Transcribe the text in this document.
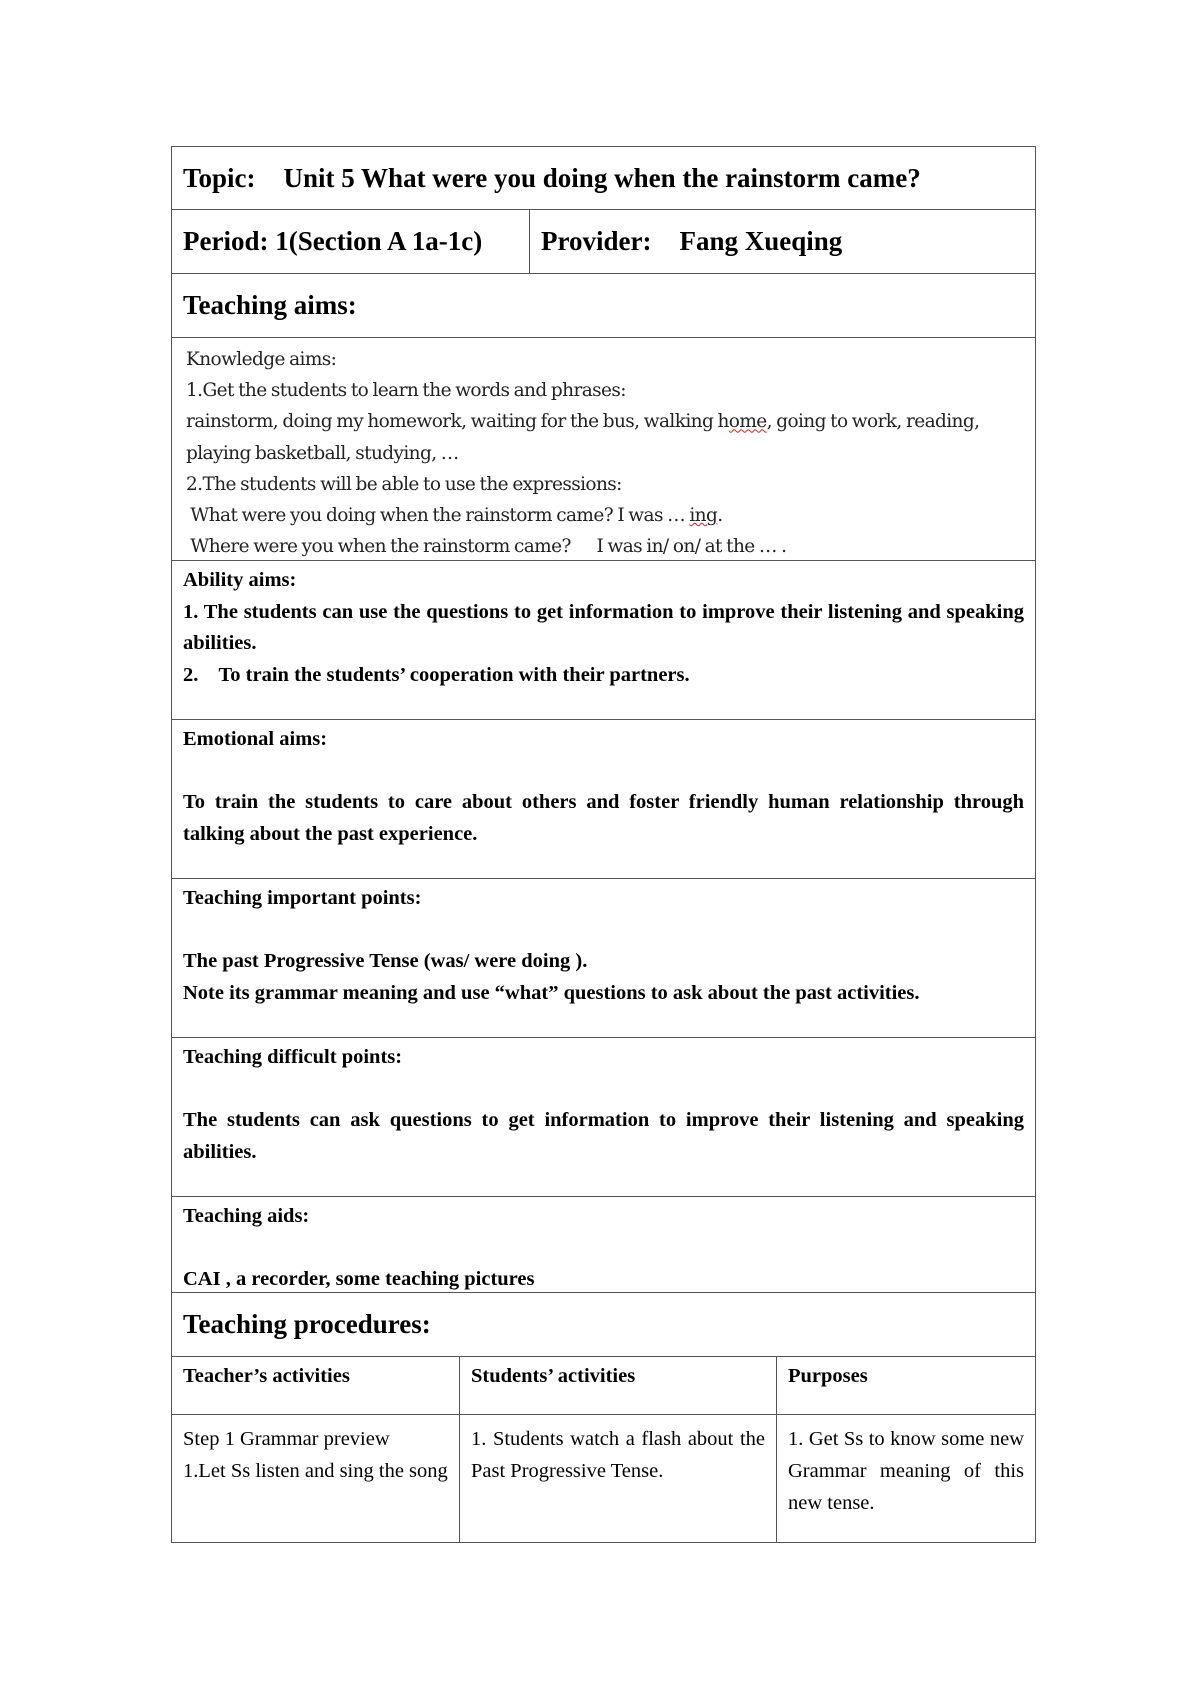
Topic: Unit 5 What were you doing when the rainstorm came?
Period: 1(Section A 1a-1c) Provider: Fang Xueqing
Teaching aims:
Knowledge aims:
1.Get the students to learn the words and phrases:
rainstorm, doing my homework, waiting for the bus, walking home, going to work, reading,
playing basketball, studying, …
2.The students will be able to use the expressions:
What were you doing when the rainstorm came? I was … ing.
Where were you when the rainstorm came?      I was in/ on/ at the … .

Ability aims:

1. The students can use the questions to get information to improve their listening and speaking abilities.

2.    To train the students’ cooperation with their partners.

Emotional aims:

To train the students to care about others and foster friendly human relationship through talking about the past experience.

Teaching important points:

The past Progressive Tense (was/ were doing ).

Note its grammar meaning and use “what” questions to ask about the past activities.

Teaching difficult points:

The students can ask questions to get information to improve their listening and speaking abilities.

Teaching aids:

CAI , a recorder, some teaching pictures

Teaching procedures:
Teacher’s activities	Students’ activities	Purposes
Step 1 Grammar preview
1.Let Ss listen and sing the song
1. Students watch a flash about the Past Progressive Tense.
1. Get Ss to know some new Grammar meaning of this new tense.
